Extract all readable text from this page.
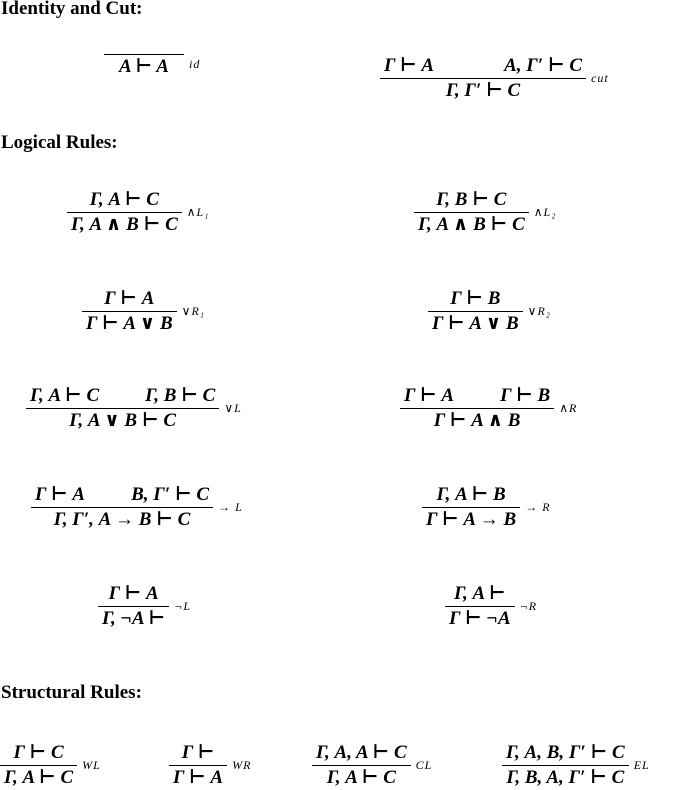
Identity and Cut:
Logical Rules:
Structural Rules:
A ⊢ A	id	Γ ⊢ A	A, Γ′ ⊢ C
Γ, Γ′ ⊢ C cut
$\frac{\Gamma, A ⊢ C}{\Gamma, A \wedge B ⊢ C}$ ∧L₁	$\frac{\Gamma, B ⊢ C}{\Gamma, A \wedge B ⊢ C}$ ∧L₂
$\frac{\Gamma ⊢ A}{\Gamma ⊢ A \vee B}$ ∨R₁	$\frac{\Gamma ⊢ B}{\Gamma ⊢ A \vee B}$ ∨R₂
$\frac{\text{Γ, A ⊢ C Γ, B ⊢ C}}{\Gamma, A \vee B ⊢ C}$ ∨L	$\frac{\text{Γ ⊢ A Γ ⊢ B}}{\Gamma ⊢ A \wedge B}$ ∧R
$\frac{\text{Γ ⊢ A B, Γ′ ⊢ C}}{\Gamma, \Gamma', A \to B ⊢ C} \to L$	$\frac{\Gamma, A ⊢ B}{\Gamma ⊢ A \to B} \to R$
$\frac{\Gamma ⊢ A}{\Gamma, \neg A ⊢}$ ¬L	$\frac{\Gamma, A ⊢}{\Gamma ⊢ \neg A}$ ¬R
$\frac{\Gamma ⊢ C}{\Gamma, A ⊢ C}$ WL	$\frac{\Gamma ⊢}{\Gamma ⊢ A}$ WR	$\frac{\Gamma, A, A ⊢ C}{\Gamma, A ⊢ C}$ CL	$\frac{\Gamma, A, B, \Gamma' ⊢ C}{\Gamma, B, A, \Gamma' ⊢ C}$ EL
